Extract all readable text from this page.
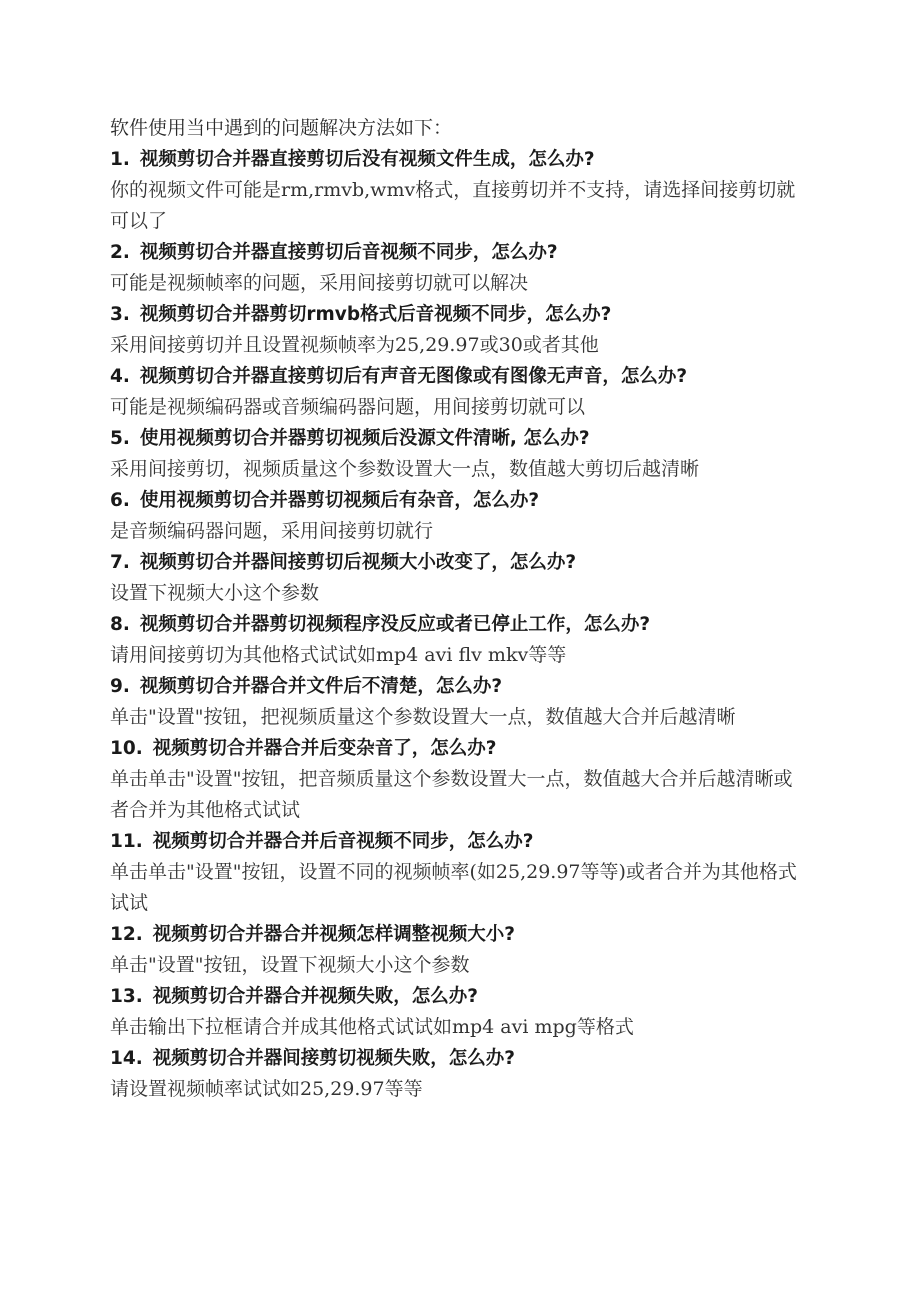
软件使用当中遇到的问题解决方法如下：

1. 视频剪切合并器直接剪切后没有视频文件生成，怎么办?

你的视频文件可能是rm,rmvb,wmv格式，直接剪切并不支持，请选择间接剪切就可以了

2. 视频剪切合并器直接剪切后音视频不同步，怎么办?

可能是视频帧率的问题，采用间接剪切就可以解决

3. 视频剪切合并器剪切rmvb格式后音视频不同步，怎么办?

采用间接剪切并且设置视频帧率为25,29.97或30或者其他

4. 视频剪切合并器直接剪切后有声音无图像或有图像无声音，怎么办?

可能是视频编码器或音频编码器问题，用间接剪切就可以

5. 使用视频剪切合并器剪切视频后没源文件清晰, 怎么办?

采用间接剪切，视频质量这个参数设置大一点，数值越大剪切后越清晰

6. 使用视频剪切合并器剪切视频后有杂音，怎么办?

是音频编码器问题，采用间接剪切就行

7. 视频剪切合并器间接剪切后视频大小改变了，怎么办?

设置下视频大小这个参数

8. 视频剪切合并器剪切视频程序没反应或者已停止工作，怎么办?

请用间接剪切为其他格式试试如mp4 avi flv mkv等等

9. 视频剪切合并器合并文件后不清楚，怎么办?

单击"设置"按钮，把视频质量这个参数设置大一点，数值越大合并后越清晰

10. 视频剪切合并器合并后变杂音了，怎么办?

单击单击"设置"按钮，把音频质量这个参数设置大一点，数值越大合并后越清晰或者合并为其他格式试试

11. 视频剪切合并器合并后音视频不同步，怎么办?

单击单击"设置"按钮，设置不同的视频帧率(如25,29.97等等)或者合并为其他格式试试

12. 视频剪切合并器合并视频怎样调整视频大小?

单击"设置"按钮，设置下视频大小这个参数

13. 视频剪切合并器合并视频失败，怎么办?

单击输出下拉框请合并成其他格式试试如mp4 avi mpg等格式

14. 视频剪切合并器间接剪切视频失败，怎么办?

请设置视频帧率试试如25,29.97等等
